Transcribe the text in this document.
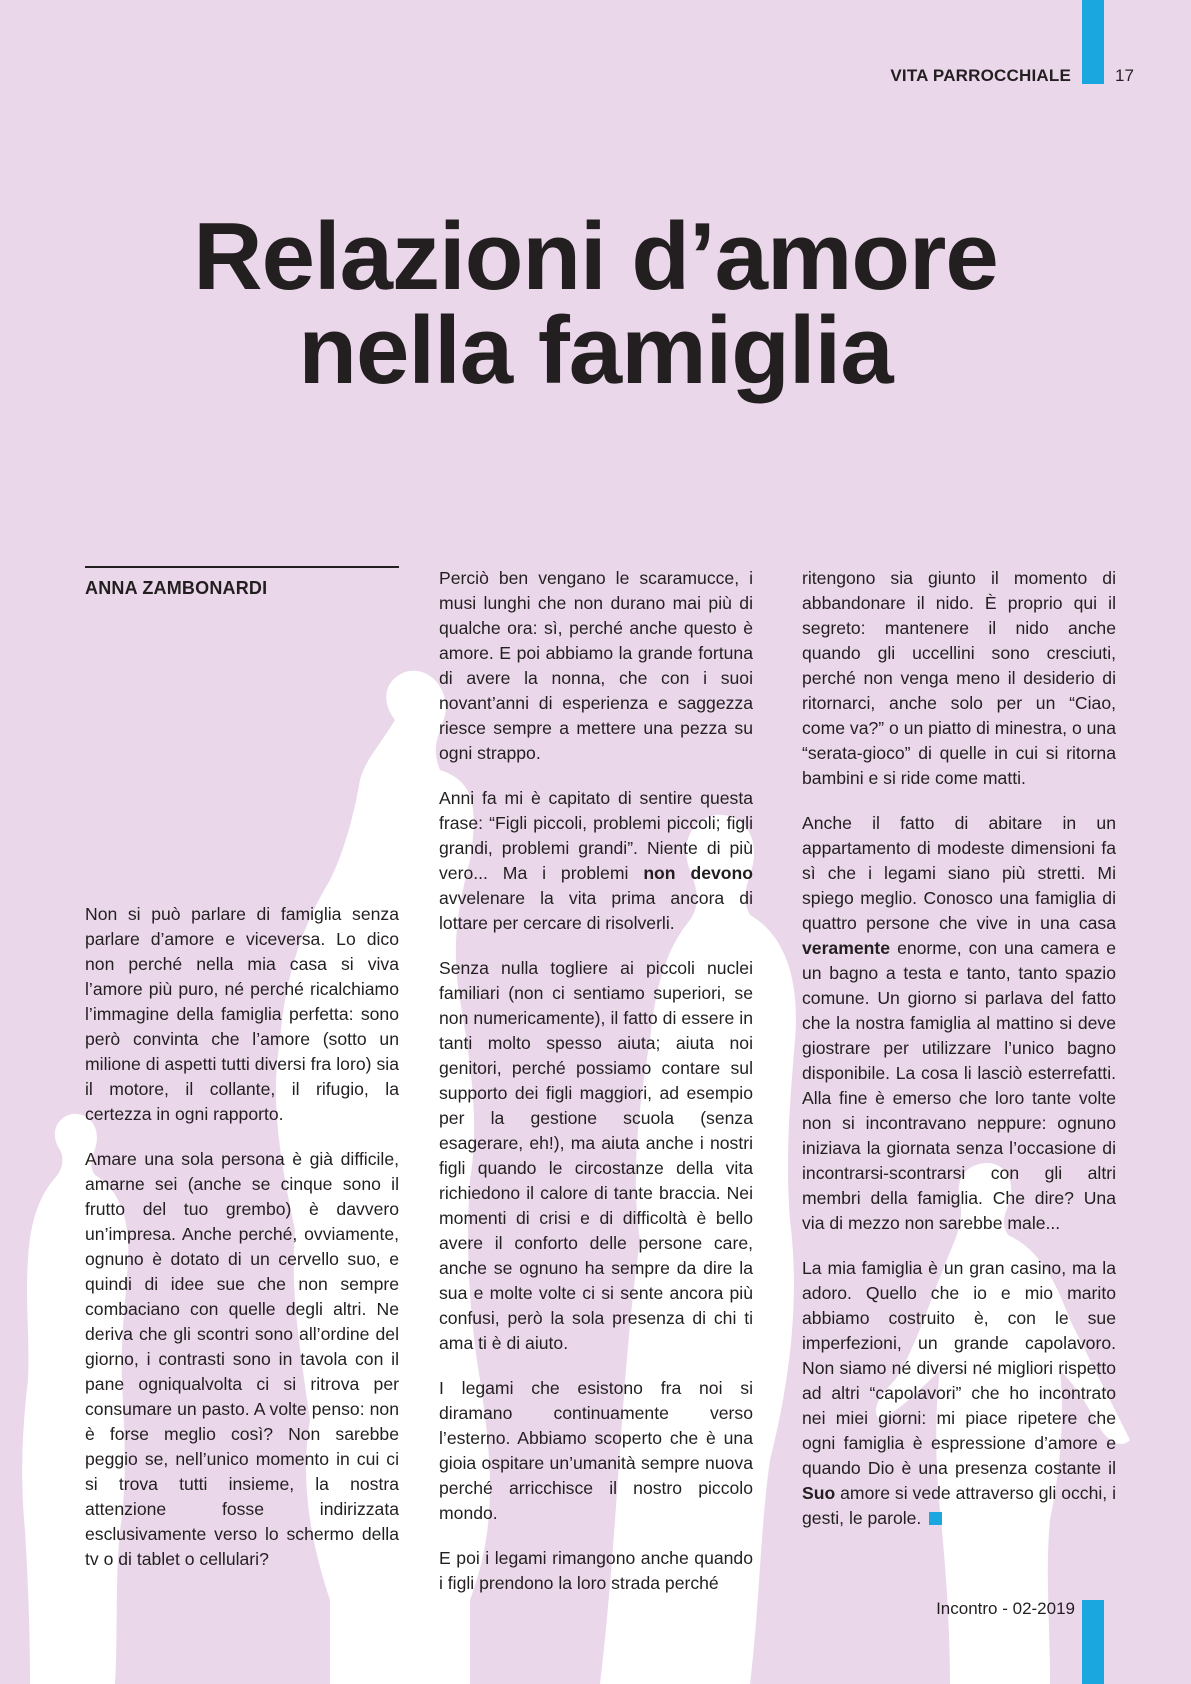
VITA PARROCCHIALE	17
Relazioni d’amore
nella famiglia
ANNA ZAMBONARDI

Non si può parlare di famiglia senza parlare d’amore e viceversa. Lo dico non perché nella mia casa si viva l’amore più puro, né perché ricalchiamo l’immagine della famiglia perfetta: sono però convinta che l’amore (sotto un milione di aspetti tutti diversi fra loro) sia il motore, il collante, il rifugio, la certezza in ogni rapporto.

Amare una sola persona è già difficile, amarne sei (anche se cinque sono il frutto del tuo grembo) è davvero un’impresa. Anche perché, ovviamente, ognuno è dotato di un cervello suo, e quindi di idee sue che non sempre combaciano con quelle degli altri. Ne deriva che gli scontri sono all’ordine del giorno, i contrasti sono in tavola con il pane ogniqualvolta ci si ritrova per consumare un pasto. A volte penso: non è forse meglio così? Non sarebbe peggio se, nell’unico momento in cui ci si trova tutti insieme, la nostra attenzione fosse indirizzata esclusivamente verso lo schermo della tv o di tablet o cellulari?

Perciò ben vengano le scaramucce, i musi lunghi che non durano mai più di qualche ora: sì, perché anche questo è amore. E poi abbiamo la grande fortuna di avere la nonna, che con i suoi novant’anni di esperienza e saggezza riesce sempre a mettere una pezza su ogni strappo.

Anni fa mi è capitato di sentire questa frase: “Figli piccoli, problemi piccoli; figli grandi, problemi grandi”. Niente di più vero... Ma i problemi non devono avvelenare la vita prima ancora di lottare per cercare di risolverli.

Senza nulla togliere ai piccoli nuclei familiari (non ci sentiamo superiori, se non numericamente), il fatto di essere in tanti molto spesso aiuta; aiuta noi genitori, perché possiamo contare sul supporto dei figli maggiori, ad esempio per la gestione scuola (senza esagerare, eh!), ma aiuta anche i nostri figli quando le circostanze della vita richiedono il calore di tante braccia. Nei momenti di crisi e di difficoltà è bello avere il conforto delle persone care, anche se ognuno ha sempre da dire la sua e molte volte ci si sente ancora più confusi, però la sola presenza di chi ti ama ti è di aiuto.

I legami che esistono fra noi si diramano continuamente verso l’esterno. Abbiamo scoperto che è una gioia ospitare un’umanità sempre nuova perché arricchisce il nostro piccolo mondo.

E poi i legami rimangono anche quando i figli prendono la loro strada perché

ritengono sia giunto il momento di abbandonare il nido. È proprio qui il segreto: mantenere il nido anche quando gli uccellini sono cresciuti, perché non venga meno il desiderio di ritornarci, anche solo per un “Ciao, come va?” o un piatto di minestra, o una “serata-gioco” di quelle in cui si ritorna bambini e si ride come matti.

Anche il fatto di abitare in un appartamento di modeste dimensioni fa sì che i legami siano più stretti. Mi spiego meglio. Conosco una famiglia di quattro persone che vive in una casa veramente enorme, con una camera e un bagno a testa e tanto, tanto spazio comune. Un giorno si parlava del fatto che la nostra famiglia al mattino si deve giostrare per utilizzare l’unico bagno disponibile. La cosa li lasciò esterrefatti. Alla fine è emerso che loro tante volte non si incontravano neppure: ognuno iniziava la giornata senza l’occasione di incontrarsi-scontrarsi con gli altri membri della famiglia. Che dire? Una via di mezzo non sarebbe male...

La mia famiglia è un gran casino, ma la adoro. Quello che io e mio marito abbiamo costruito è, con le sue imperfezioni, un grande capolavoro. Non siamo né diversi né migliori rispetto ad altri “capolavori” che ho incontrato nei miei giorni: mi piace ripetere che ogni famiglia è espressione d’amore e quando Dio è una presenza costante il Suo amore si vede attraverso gli occhi, i gesti, le parole.

Incontro - 02-2019
